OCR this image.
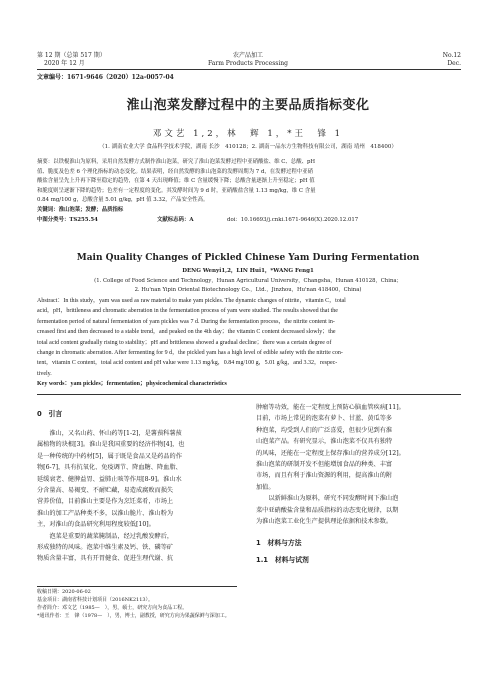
第 12 期（总第 517 期）
2020 年 12 月
农产品加工
Farm Products Processing
No.12
Dec.
文章编号：1671-9646（2020）12a-0057-04
淮山泡菜发酵过程中的主要品质指标变化
邓文艺 1,2，林　辉 1，*王　锋 1
（1. 湖南农业大学 食品科学技术学院，湖南 长沙　410128；2. 湖南一品东方生物科技有限公司，湖南 靖州　418400）
摘要：以铁棍淮山为原料，采用自然发酵方式制作淮山泡菜，研究了淮山泡菜发酵过程中亚硝酸盐、维 C、总酸、pH
值、脆度及色差 6 个理化指标的动态变化。结果表明，经自然发酵的淮山泡菜的发酵周期为 7 d，在发酵过程中亚硝
酸盐含量呈先上升再下降至稳定的趋势，在第 4 天出现峰值；维 C 含量缓慢下降；总酸含量逐渐上升至稳定；pH 值
和脆度则呈逐渐下降的趋势；色差有一定程度的变化。其发酵时间为 9 d 时，亚硝酸盐含量 1.13 mg/kg，维 C 含量
0.84 mg/100 g，总酸含量 5.01 g/kg，pH 值 3.32，产品安全性高。
关键词：淮山泡菜；发酵；品质指标
中图分类号：TS255.54	文献标志码：A	doi：10.16693/j.cnki.1671-9646(X).2020.12.017
Main Quality Changes of Pickled Chinese Yam During Fermentation
DENG Wenyi1,2，LIN Hui1，*WANG Feng1
(1. College of Food Science and Technology，Hunan Agricultural University，Changsha，Hunan 410128，China；
2. Hu'nan Yipin Oriental Biotechnology Co.，Ltd.，Jinzhou，Hu'nan 418400，China)
Abstract：In this study，yam was used as raw material to make yam pickles. The dynamic changes of nitrite，vitamin C，total
acid，pH，brittleness and chromatic aberration in the fermentation process of yam were studied. The results showed that the
fermentation period of natural fermentation of yam pickles was 7 d. During the fermentation process，the nitrite content in-
creased first and then decreased to a stable trend，and peaked on the 4th day；the vitamin C content decreased slowly；the
total acid content gradually rising to stability；pH and brittleness showed a gradual decline；there was a certain degree of
change in chromatic aberration. After fermenting for 9 d，the pickled yam has a high level of edible safety with the nitrite con-
tent，vitamin C content，total acid content and pH value were 1.13 mg/kg，0.84 mg/100 g，5.01 g/kg，and 3.32，respec-
tively.
Key words：yam pickles；fermentation；physicochemical characteristics
0　引言
　　淮山，又名山药、怀山药等[1-2]，是薯蓣科薯蓣
属植物的块根[3]。淮山是我国重要的经济作物[4]，也
是一种传统的中药材[5]，属于既是食品又是药品的作
物[6-7]，具有抗氧化、免疫调节、降血糖、降血脂、
延缓衰老、健脾益胃、益肺止咳等作用[8-9]。淮山水
分含量高、易褐变、不耐贮藏，易造成腐败而损失
营养价值，目前淮山主要是作为烹饪菜肴，市场上
淮山的加工产品种类不多，以淮山脆片、淮山粉为
主，对淮山的食品研究利用程度较低[10]。
　　泡菜是重要的蔬菜腌制品，经过乳酸发酵后，
形成独特的风味。泡菜中维生素及钙、铁、磷等矿
物质含量丰富，具有开胃健食、促进生理代谢、抗
肿瘤等功效，能在一定程度上预防心脑血管疾病[11]。
目前，市场上常见的泡菜有萝卜、甘蓝、黄瓜等多
种泡菜，均受到人们的广泛喜爱，但很少见到有淮
山泡菜产品。有研究显示，淮山泡菜不仅具有独特
的风味，还能在一定程度上保存淮山的营养成分[12]。
淮山泡菜的研制开发不但能增加食品的种类、丰富
市场，而且有利于淮山资源的利用，提高淮山的附
加值。
　　以新鲜淮山为原料，研究不同发酵时间下淮山泡
菜中亚硝酸盐含量和品质指标的动态变化规律，以期
为淮山泡菜工业化生产提供理论依据和技术参数。
1　材料与方法
1.1　材料与试剂
收稿日期：2020-06-02
基金项目：湖南省科技计划项目（2016NK2113）。
作者简介：邓文艺（1985—　），男，硕士，研究方向为食品工程。
*通讯作者：王　锋（1978—　），男，博士，副教授，研究方向为果蔬保鲜与深加工。
